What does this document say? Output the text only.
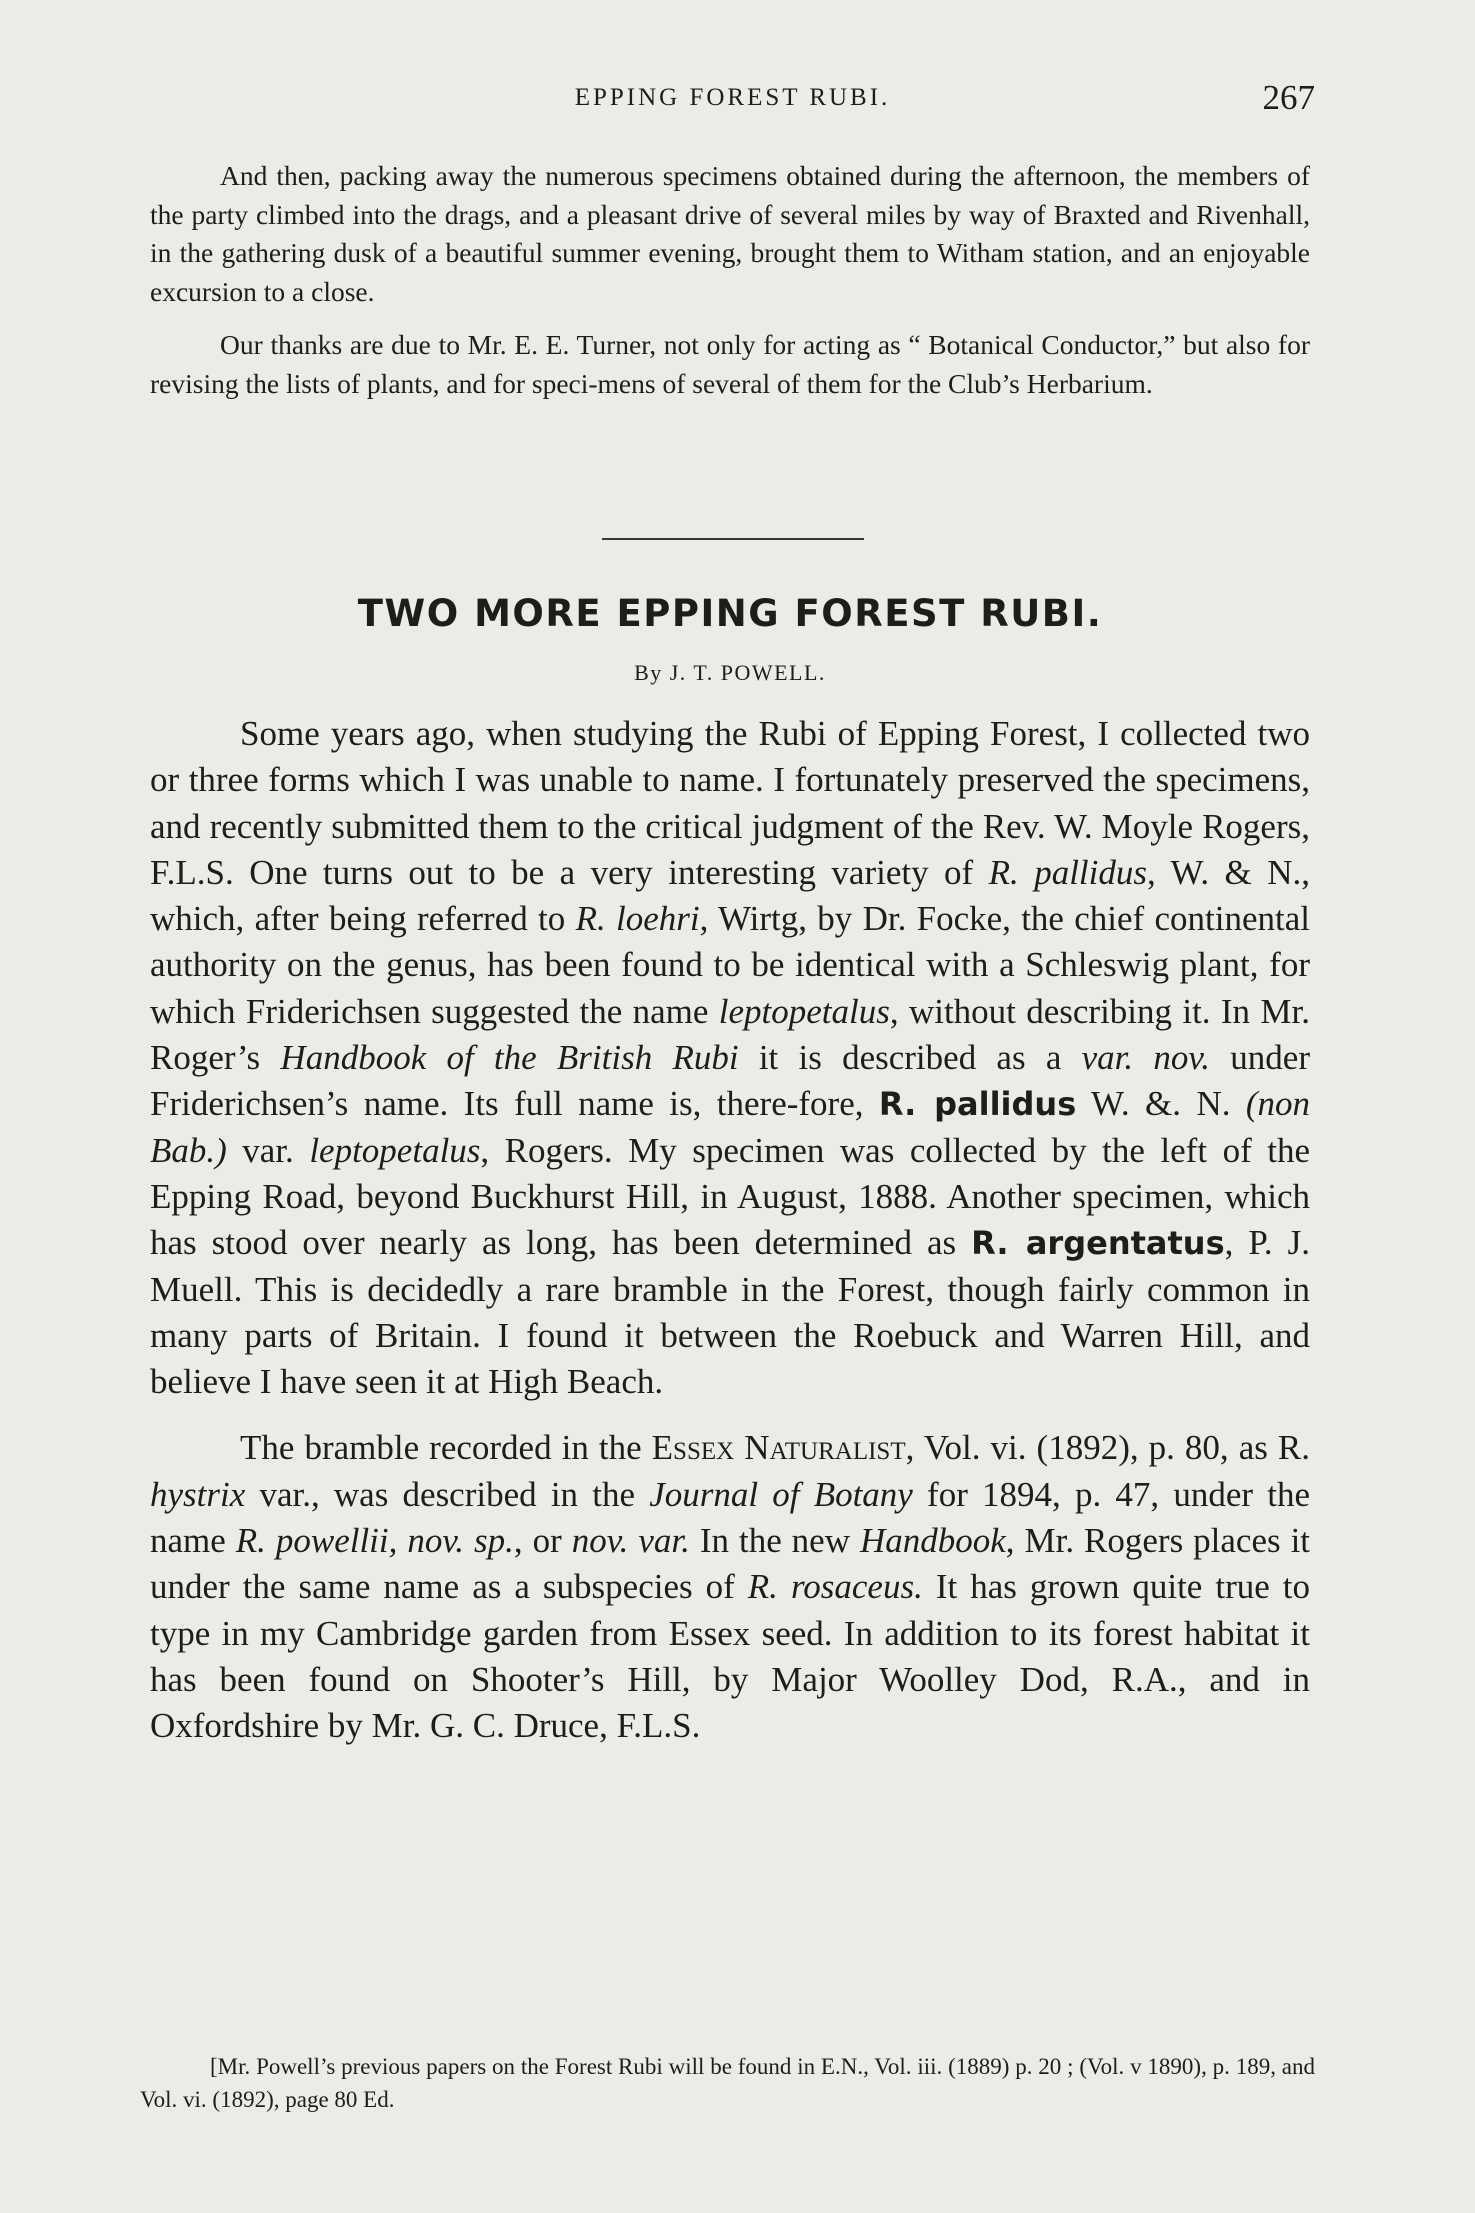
EPPING FOREST RUBI.	267

And then, packing away the numerous specimens obtained during the afternoon, the members of the party climbed into the drags, and a pleasant drive of several miles by way of Braxted and Rivenhall, in the gathering dusk of a beautiful summer evening, brought them to Witham station, and an enjoyable excursion to a close.

Our thanks are due to Mr. E. E. Turner, not only for acting as “ Botanical Conductor,” but also for revising the lists of plants, and for speci-mens of several of them for the Club’s Herbarium.

TWO MORE EPPING FOREST RUBI.
By J. T. POWELL.

Some years ago, when studying the Rubi of Epping Forest, I collected two or three forms which I was unable to name. I fortunately preserved the specimens, and recently submitted them to the critical judgment of the Rev. W. Moyle Rogers, F.L.S. One turns out to be a very interesting variety of R. pallidus, W. & N., which, after being referred to R. loehri, Wirtg, by Dr. Focke, the chief continental authority on the genus, has been found to be identical with a Schleswig plant, for which Friderichsen suggested the name leptopetalus, without describing it. In Mr. Roger’s Handbook of the British Rubi it is described as a var. nov. under Friderichsen’s name. Its full name is, there-fore, R. pallidus W. &. N. (non Bab.) var. leptopetalus, Rogers. My specimen was collected by the left of the Epping Road, beyond Buckhurst Hill, in August, 1888. Another specimen, which has stood over nearly as long, has been determined as R. argentatus, P. J. Muell. This is decidedly a rare bramble in the Forest, though fairly common in many parts of Britain. I found it between the Roebuck and Warren Hill, and believe I have seen it at High Beach.

The bramble recorded in the Essex Naturalist, Vol. vi. (1892), p. 80, as R. hystrix var., was described in the Journal of Botany for 1894, p. 47, under the name R. powellii, nov. sp., or nov. var. In the new Handbook, Mr. Rogers places it under the same name as a subspecies of R. rosaceus. It has grown quite true to type in my Cambridge garden from Essex seed. In addition to its forest habitat it has been found on Shooter’s Hill, by Major Woolley Dod, R.A., and in Oxfordshire by Mr. G. C. Druce, F.L.S.

[Mr. Powell’s previous papers on the Forest Rubi will be found in E.N., Vol. iii. (1889) p. 20 ; (Vol. v 1890), p. 189, and Vol. vi. (1892), page 80 Ed.
